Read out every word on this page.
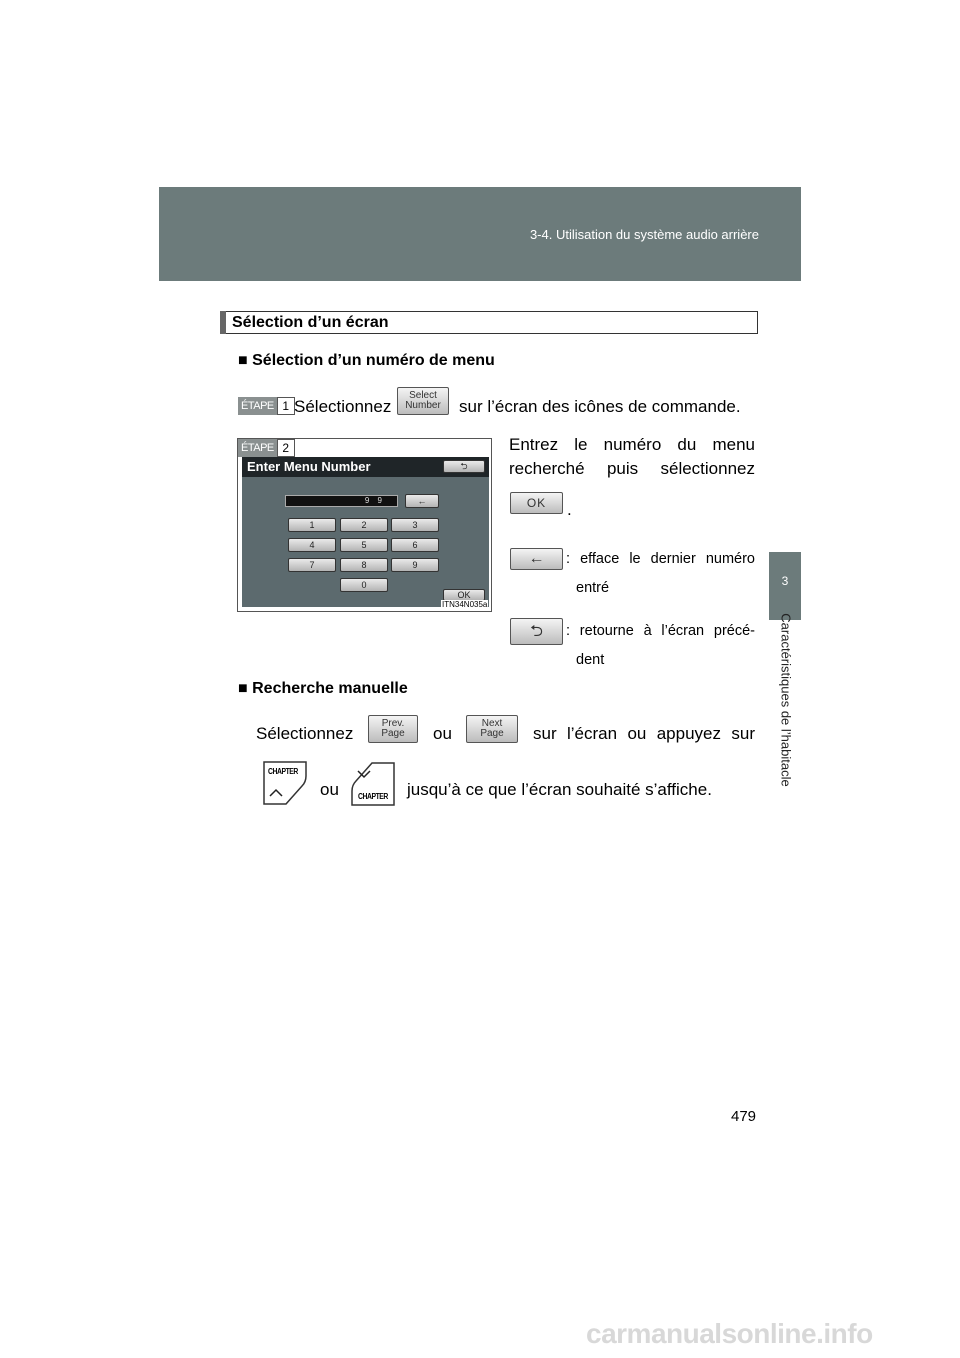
3-4. Utilisation du système audio arrière
3
Caractéristiques de l’habitacle
Sélection d’un écran
■ Sélection d’un numéro de menu
ÉTAPE 1 Sélectionnez
Select
Number sur l’écran des icônes de commande.
ÉTAPE 2
Enter Menu Number	⮌
9 9	←
1	2	3
4	5	6
7	8	9
0
OK
ITN34N035a
Entrez le numéro du menu
recherché puis sélectionnez
OK	.
← : efface le dernier numéro
entré
⮌ : retourne à l’écran précé-
dent
■ Recherche manuelle
Sélectionnez
Prev.
Page ou
Next
Page sur l’écran ou appuyez sur
CHAPTER
ou CHAPTER jusqu’à ce que l’écran souhaité s’affiche.
479
carmanualsonline.info
